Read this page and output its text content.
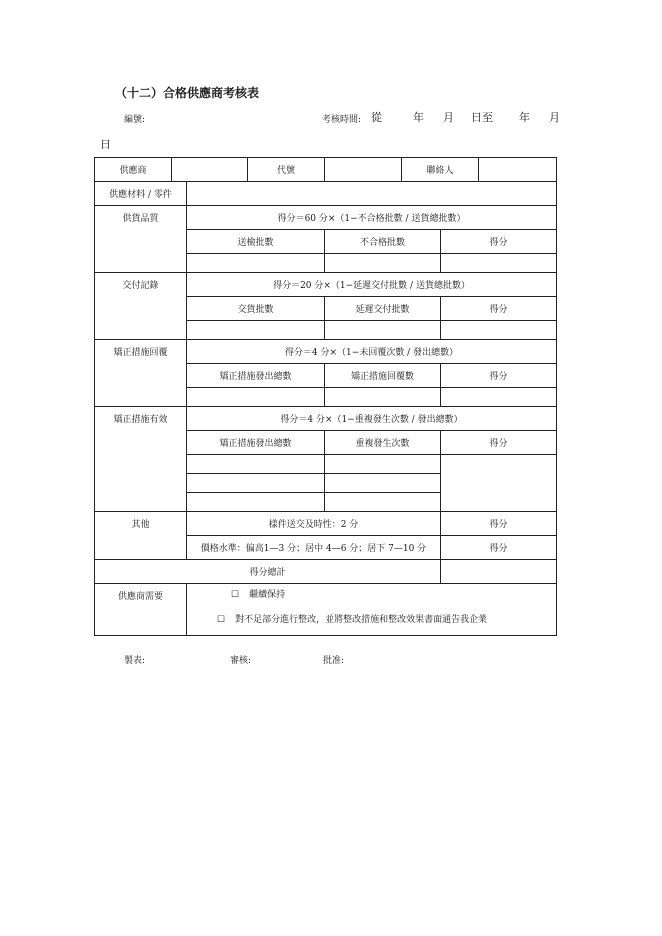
（十二）合格供應商考核表
編號:	考核時間: 從	年 月 日至 年 月
日
供應商			代號		聯絡人		
供應材料 / 零件							
供貨品質		得分＝60 分×（1−不合格批數 / 送貨總批數）					
		送檢批數		不合格批數		得分	

交付記錄		得分＝20 分×（1−延遲交付批數 / 送貨總批數）					
		交貨批數		延遲交付批數		得分	

矯正措施回覆		得分＝4 分×（1−未回覆次數 / 發出總數）					
		矯正措施發出總數		矯正措施回覆數		得分	

矯正措施有效		得分＝4 分×（1−重複發生次數 / 發出總數）					
		矯正措施發出總數		重複發生次數		得分	

其他		樣件送交及時性：2 分				得分	
		價格水準：偏高1—3 分；居中 4—6 分；居下 7—10 分				得分	
得分總計							
供應商需要		☐ 繼續保持
☐ 對不足部分進行整改，並將整改措施和整改效果書面通告我企業					
製表:	審核:	批准:
